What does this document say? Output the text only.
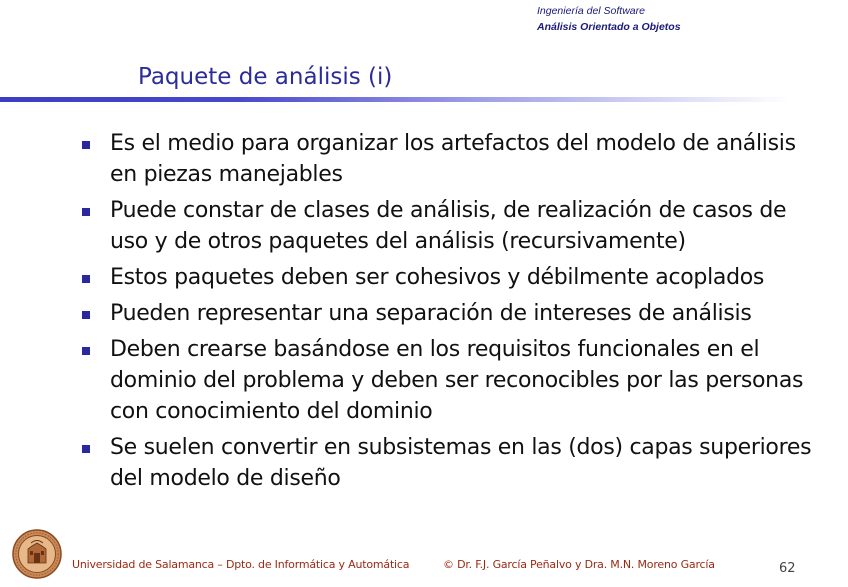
Ingeniería del Software
Análisis Orientado a Objetos
Paquete de análisis (i)
Es el medio para organizar los artefactos del modelo de análisis en piezas manejables
Puede constar de clases de análisis, de realización de casos de uso y de otros paquetes del análisis (recursivamente)
Estos paquetes deben ser cohesivos y débilmente acoplados
Pueden representar una separación de intereses de análisis
Deben crearse basándose en los requisitos funcionales en el dominio del problema y deben ser reconocibles por las personas con conocimiento del dominio
Se suelen convertir en subsistemas en las (dos) capas superiores del modelo de diseño
Universidad de Salamanca – Dpto. de Informática y Automática	© Dr. F.J. García Peñalvo y Dra. M.N. Moreno García	62
